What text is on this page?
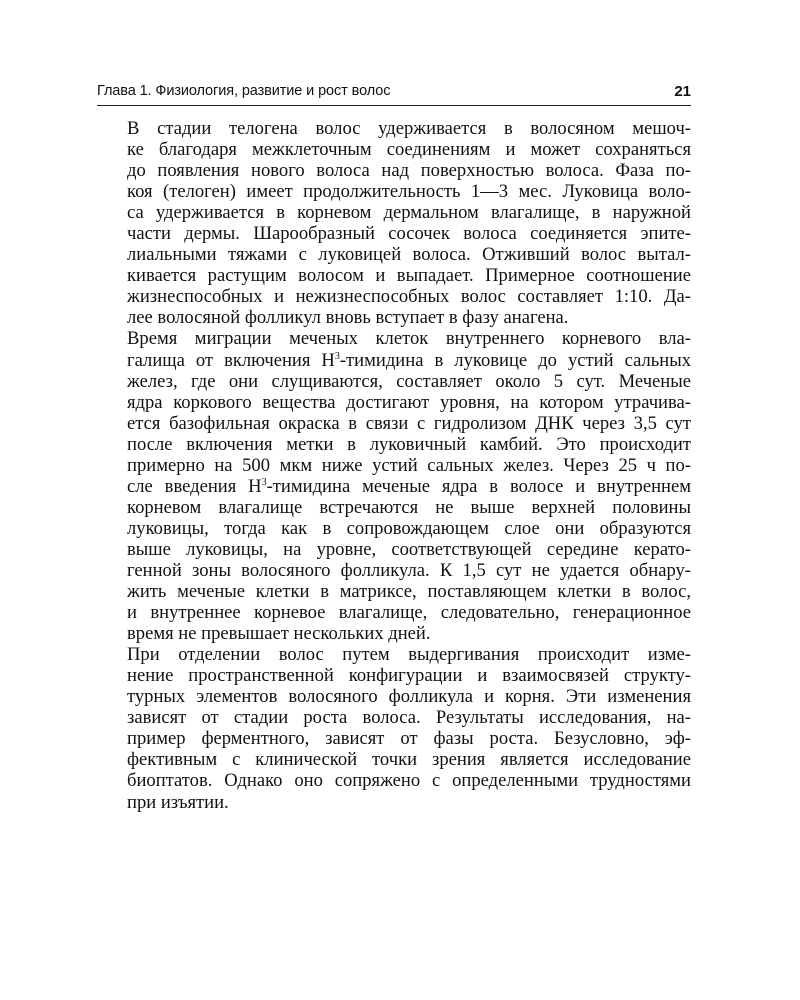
Глава 1. Физиология, развитие и рост волос	21
В стадии телогена волос удерживается в волосяном мешоч-
ке благодаря межклеточным соединениям и может сохраняться
до появления нового волоса над поверхностью волоса. Фаза по-
коя (телоген) имеет продолжительность 1—3 мес. Луковица воло-
са удерживается в корневом дермальном влагалище, в наружной
части дермы. Шарообразный сосочек волоса соединяется эпите-
лиальными тяжами с луковицей волоса. Отживший волос вытал-
кивается растущим волосом и выпадает. Примерное соотношение
жизнеспособных и нежизнеспособных волос составляет 1:10. Да-
лее волосяной фолликул вновь вступает в фазу анагена.
Время миграции меченых клеток внутреннего корневого вла-
галища от включения $H^3$-тимидина в луковице до устий сальных
желез, где они слущиваются, составляет около 5 сут. Меченые
ядра коркового вещества достигают уровня, на котором утрачива-
ется базофильная окраска в связи с гидролизом ДНК через 3,5 сут
после включения метки в луковичный камбий. Это происходит
примерно на 500 мкм ниже устий сальных желез. Через 25 ч по-
сле введения $H^3$-тимидина меченые ядра в волосе и внутреннем
корневом влагалище встречаются не выше верхней половины
луковицы, тогда как в сопровождающем слое они образуются
выше луковицы, на уровне, соответствующей середине керато-
генной зоны волосяного фолликула. К 1,5 сут не удается обнару-
жить меченые клетки в матриксе, поставляющем клетки в волос,
и внутреннее корневое влагалище, следовательно, генерационное
время не превышает нескольких дней.
При отделении волос путем выдергивания происходит изме-
нение пространственной конфигурации и взаимосвязей структу-
турных элементов волосяного фолликула и корня. Эти изменения
зависят от стадии роста волоса. Результаты исследования, на-
пример ферментного, зависят от фазы роста. Безусловно, эф-
фективным с клинической точки зрения является исследование
биоптатов. Однако оно сопряжено с определенными трудностями
при изъятии.
